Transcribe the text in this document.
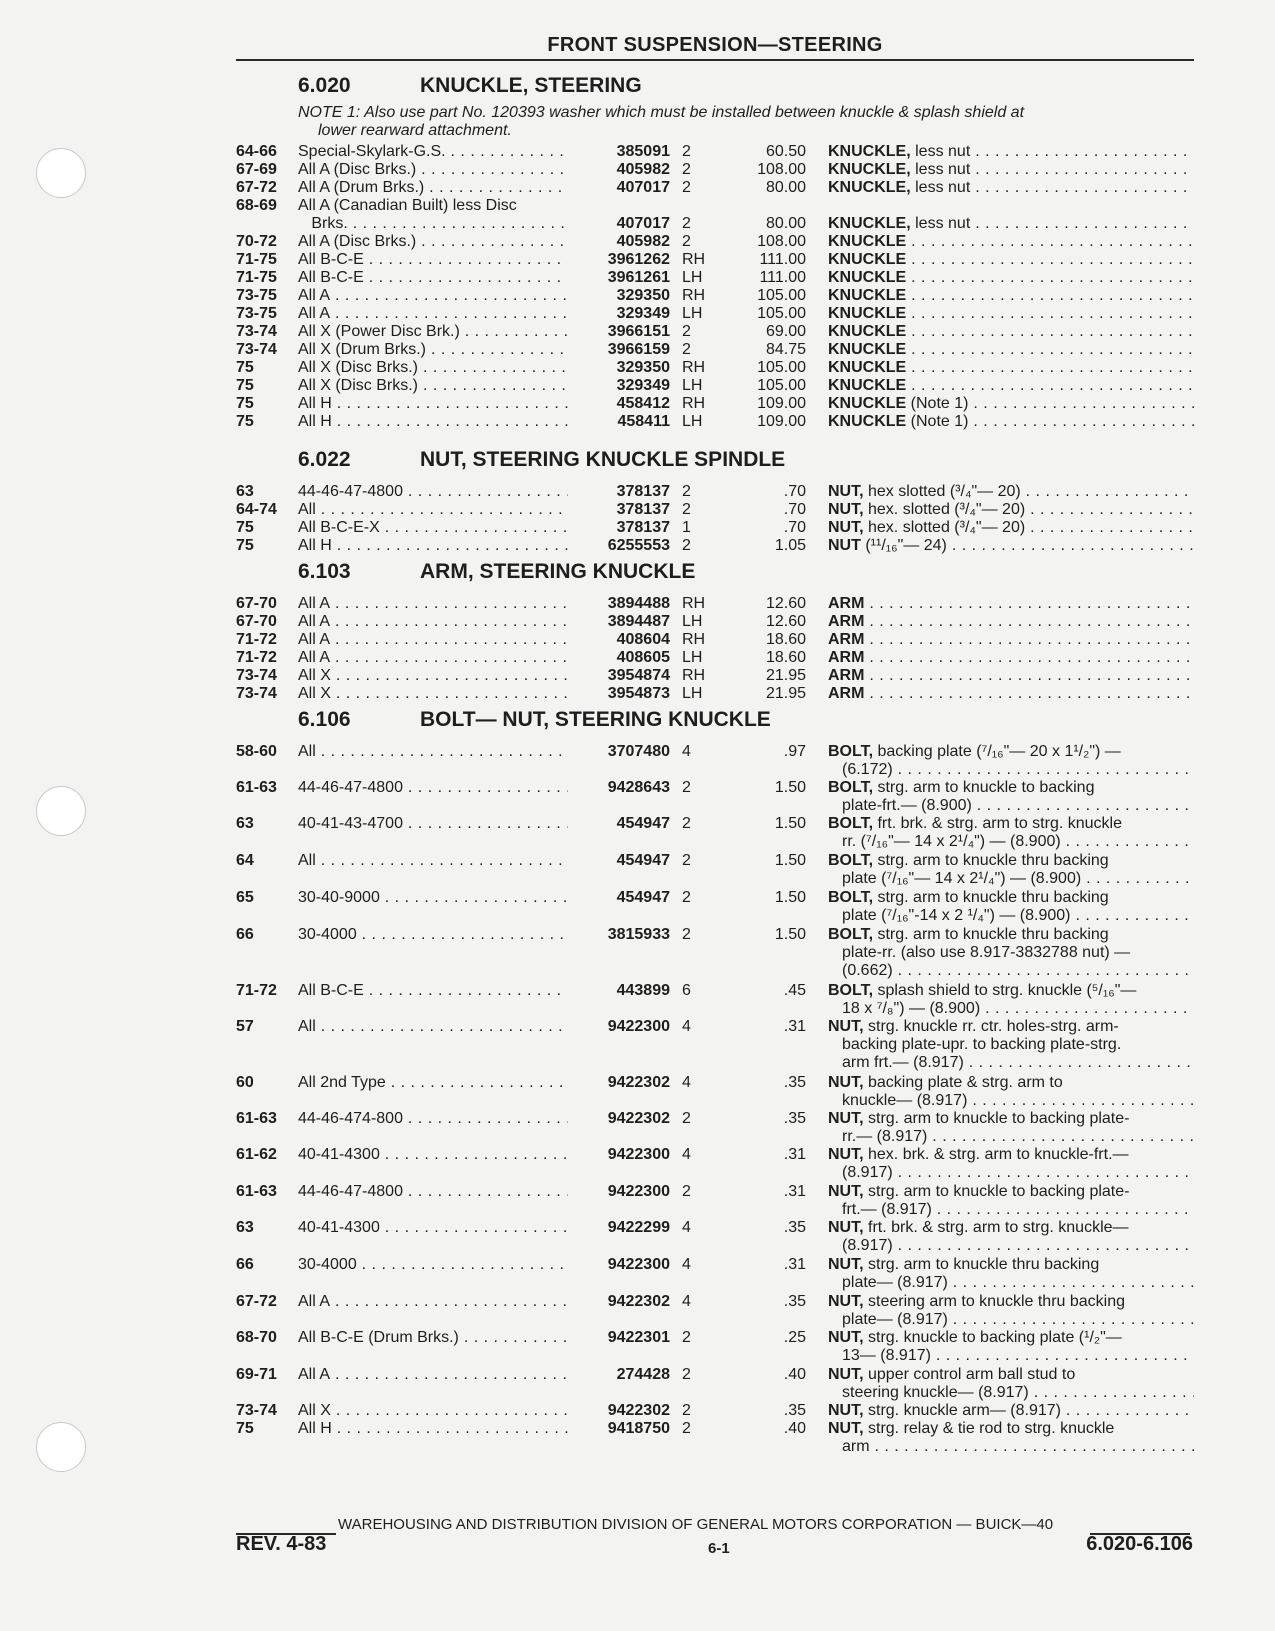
FRONT SUSPENSION—STEERING
6.020	KNUCKLE, STEERING
NOTE 1: Also use part No. 120393 washer which must be installed between knuckle & splash shield at
lower rearward attachment.
64-66	Special-Skylark-G.S. . . .	385091 2	60.50 KNUCKLE, less nut . . .
67-69	All A (Disc Brks.) . . .	405982 2	108.00 KNUCKLE, less nut . . .
67-72	All A (Drum Brks.) . . .	407017 2	80.00 KNUCKLE, less nut . . .
68-69	All A (Canadian Built) less Disc
Brks. . . .	407017 2	80.00 KNUCKLE, less nut . . .
70-72	All A (Disc Brks.) . . .	405982 2	108.00 KNUCKLE . . .
71-75	All B-C-E . . .	3961262 RH	111.00 KNUCKLE . . .
71-75	All B-C-E . . .	3961261 LH	111.00 KNUCKLE . . .
73-75	All A . . .	329350 RH	105.00 KNUCKLE . . .
73-75	All A . . .	329349 LH	105.00 KNUCKLE . . .
73-74	All X (Power Disc Brk.) . . .	3966151 2	69.00 KNUCKLE . . .
73-74	All X (Drum Brks.) . . .	3966159 2	84.75 KNUCKLE . . .
75	All X (Disc Brks.) . . .	329350 RH	105.00 KNUCKLE . . .
75	All X (Disc Brks.) . . .	329349 LH	105.00 KNUCKLE . . .
75	All H . . .	458412 RH	109.00 KNUCKLE (Note 1) . . .
75	All H . . .	458411 LH	109.00 KNUCKLE (Note 1) . . .
6.022	NUT, STEERING KNUCKLE SPINDLE
63	44-46-47-4800 . . .	378137 2	.70 NUT, hex slotted (³/₄"— 20) . . .
64-74	All . . .	378137 2	.70 NUT, hex. slotted (³/₄"— 20) . . .
75	All B-C-E-X . . .	378137 1	.70 NUT, hex. slotted (³/₄"— 20) . . .
75	All H . . .	6255553 2	1.05 NUT (¹¹/₁₆"— 24) . . .
6.103	ARM, STEERING KNUCKLE
67-70	All A . . .	3894488 RH	12.60 ARM . . .
67-70	All A . . .	3894487 LH	12.60 ARM . . .
71-72	All A . . .	408604 RH	18.60 ARM . . .
71-72	All A . . .	408605 LH	18.60 ARM . . .
73-74	All X . . .	3954874 RH	21.95 ARM . . .
73-74	All X . . .	3954873 LH	21.95 ARM . . .
6.106	BOLT— NUT, STEERING KNUCKLE
58-60	All . . .	3707480 4	.97 BOLT, backing plate (⁷/₁₆"— 20 x 1¹/₂") —
(6.172) . . .
61-63	44-46-47-4800 . . .	9428643 2	1.50 BOLT, strg. arm to knuckle to backing
plate-frt.— (8.900) . . .
63	40-41-43-4700 . . .	454947 2	1.50 BOLT, frt. brk. & strg. arm to strg. knuckle
rr. (⁷/₁₆"— 14 x 2¹/₄") — (8.900) . . .
64	All . . .	454947 2	1.50 BOLT, strg. arm to knuckle thru backing
plate (⁷/₁₆"— 14 x 2¹/₄") — (8.900) . . .
65	30-40-9000 . . .	454947 2	1.50 BOLT, strg. arm to knuckle thru backing
plate (⁷/₁₆"-14 x 2 ¹/₄") — (8.900) . . .
66	30-4000 . . .	3815933 2	1.50 BOLT, strg. arm to knuckle thru backing
plate-rr. (also use 8.917-3832788 nut) —
(0.662) . . .
71-72	All B-C-E . . .	443899 6	.45 BOLT, splash shield to strg. knuckle (⁵/₁₆"—
18 x ⁷/₈") — (8.900) . . .
57	All . . .	9422300 4	.31 NUT, strg. knuckle rr. ctr. holes-strg. arm-
backing plate-upr. to backing plate-strg.
arm frt.— (8.917) . . .
60	All 2nd Type . . .	9422302 4	.35 NUT, backing plate & strg. arm to
knuckle— (8.917) . . .
61-63	44-46-474-800 . . .	9422302 2	.35 NUT, strg. arm to knuckle to backing plate-
rr.— (8.917) . . .
61-62	40-41-4300 . . .	9422300 4	.31 NUT, hex. brk. & strg. arm to knuckle-frt.—
(8.917) . . .
61-63	44-46-47-4800 . . .	9422300 2	.31 NUT, strg. arm to knuckle to backing plate-
frt.— (8.917) . . .
63	40-41-4300 . . .	9422299 4	.35 NUT, frt. brk. & strg. arm to strg. knuckle—
(8.917) . . .
66	30-4000 . . .	9422300 4	.31 NUT, strg. arm to knuckle thru backing
plate— (8.917) . . .
67-72	All A . . .	9422302 4	.35 NUT, steering arm to knuckle thru backing
plate— (8.917) . . .
68-70	All B-C-E (Drum Brks.) . . .	9422301 2	.25 NUT, strg. knuckle to backing plate (¹/₂"—
13— (8.917) . . .
69-71	All A . . .	274428 2	.40 NUT, upper control arm ball stud to
steering knuckle— (8.917) . . .
73-74	All X . . .	9422302 2	.35 NUT, strg. knuckle arm— (8.917) . . .
75	All H . . .	9418750 2	.40 NUT, strg. relay & tie rod to strg. knuckle
arm . . .
WAREHOUSING AND DISTRIBUTION DIVISION OF GENERAL MOTORS CORPORATION — BUICK—40
REV. 4-83	6-1	6.020-6.106
